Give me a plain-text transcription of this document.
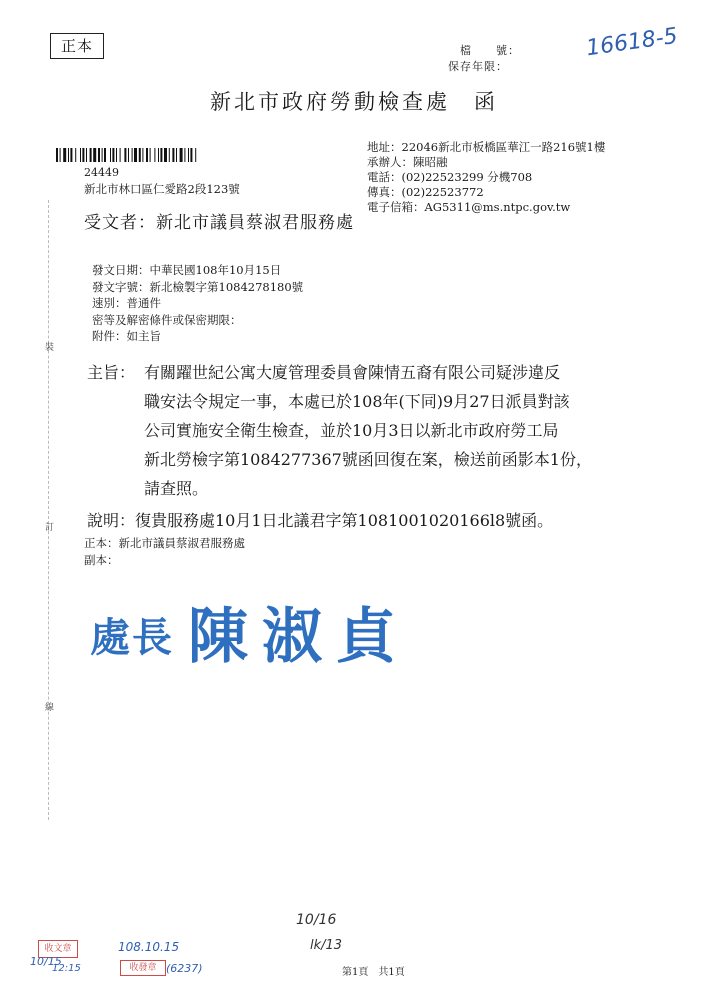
正本	檔　　號：
保存年限：
16618-5
新北市政府勞動檢查處　函
地址：22046新北市板橋區華江一路216號1樓
承辦人：陳昭融
電話：(02)22523299 分機708
傳真：(02)22523772
電子信箱：AG5311@ms.ntpc.gov.tw
24449
新北市林口區仁愛路2段123號
受文者：新北市議員蔡淑君服務處
發文日期：中華民國108年10月15日
發文字號：新北檢製字第1084278180號
速別：普通件
密等及解密條件或保密期限：
附件：如主旨
主旨： 有關躍世紀公寓大廈管理委員會陳情五裔有限公司疑涉違反
職安法令規定一事，本處已於108年(下同)9月27日派員對該
公司實施安全衛生檢查，並於10月3日以新北市政府勞工局
新北勞檢字第1084277367號函回復在案，檢送前函影本1份，
請查照。
說明：復貴服務處10月1日北議君字第1081001020166l8號函。
正本：新北市議員蔡淑君服務處
副本：
處長 陳 淑 貞
裝
訂
線
收文章
10/15
12:15
108.10.15
收發章 (6237)
10/16
lk/13
第1頁　共1頁
